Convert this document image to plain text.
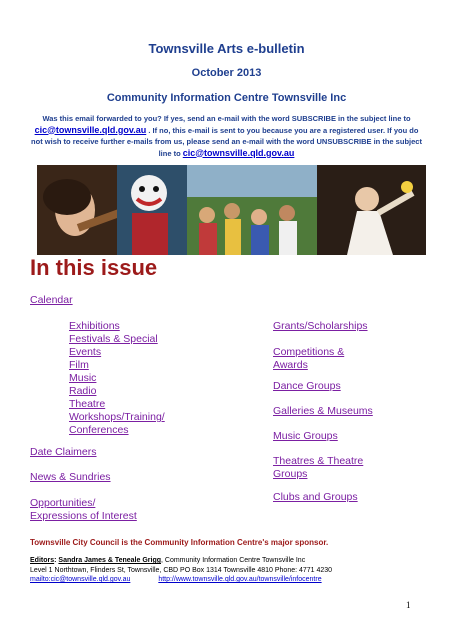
Townsville Arts e-bulletin
October 2013
Community Information Centre Townsville Inc
Was this email forwarded to you? If yes, send an e-mail with the word SUBSCRIBE in the subject line to cic@townsville.qld.gov.au . If no, this e-mail is sent to you because you are a registered user. If you do not wish to receive further e-mails from us, please send an e-mail with the word UNSUBSCRIBE in the subject line to cic@townsville.qld.gov.au
In this issue
Calendar
Exhibitions
Festivals & Special
Events
Film
Music
Radio
Theatre
Workshops/Training/
Conferences
Date Claimers
News & Sundries
Opportunities/
Expressions of Interest
Grants/Scholarships
Competitions &
Awards
Dance Groups
Galleries & Museums
Music Groups
Theatres & Theatre
Groups
Clubs and Groups
Townsville City Council is the Community Information Centre's major sponsor.
Editors: Sandra James & Teneale Grigg, Community Information Centre Townsville Inc
Level 1 Northtown, Flinders St, Townsville, CBD PO Box 1314 Townsville 4810 Phone: 4771 4230
mailto:cic@townsville.qld.gov.au	http://www.townsville.qld.gov.au/townsville/infocentre
1
